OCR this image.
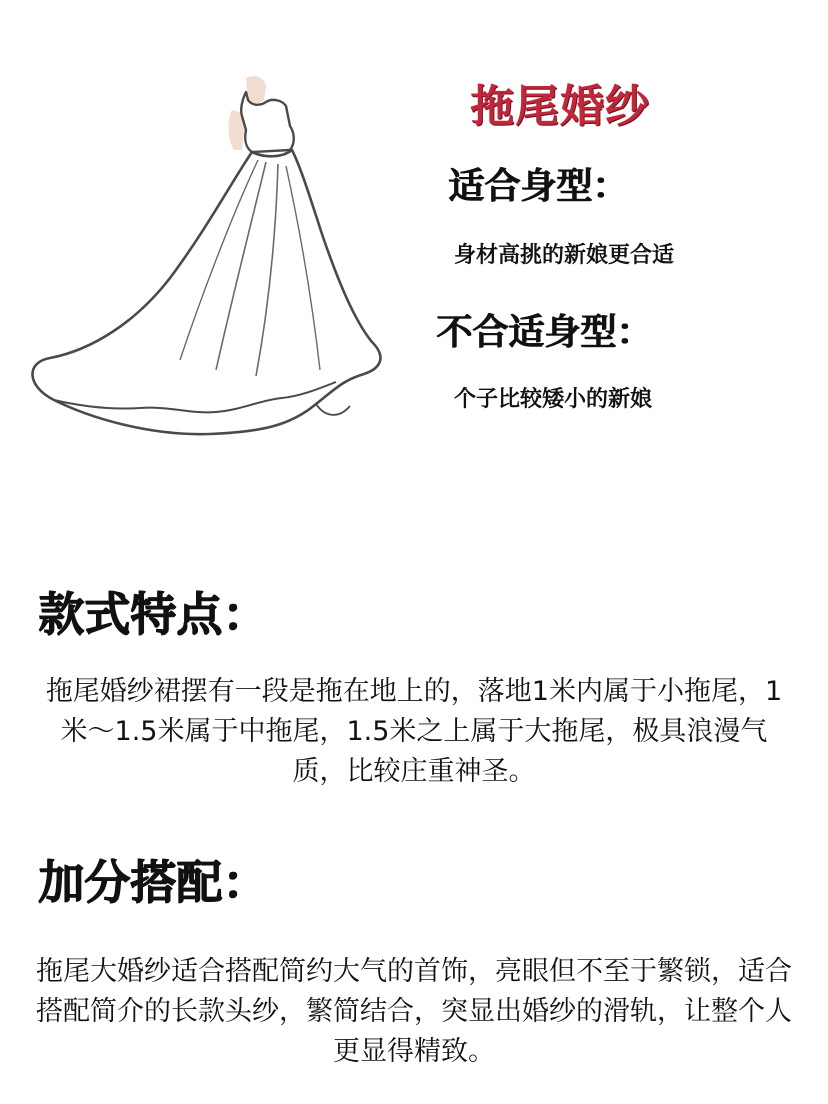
拖尾婚纱
适合身型：
身材高挑的新娘更合适
不合适身型：
个子比较矮小的新娘
款式特点：
拖尾婚纱裙摆有一段是拖在地上的，落地1米内属于小拖尾，1米～1.5米属于中拖尾，1.5米之上属于大拖尾，极具浪漫气质，比较庄重神圣。
加分搭配：
拖尾大婚纱适合搭配简约大气的首饰，亮眼但不至于繁锁，适合搭配简介的长款头纱，繁简结合，突显出婚纱的滑轨，让整个人更显得精致。
